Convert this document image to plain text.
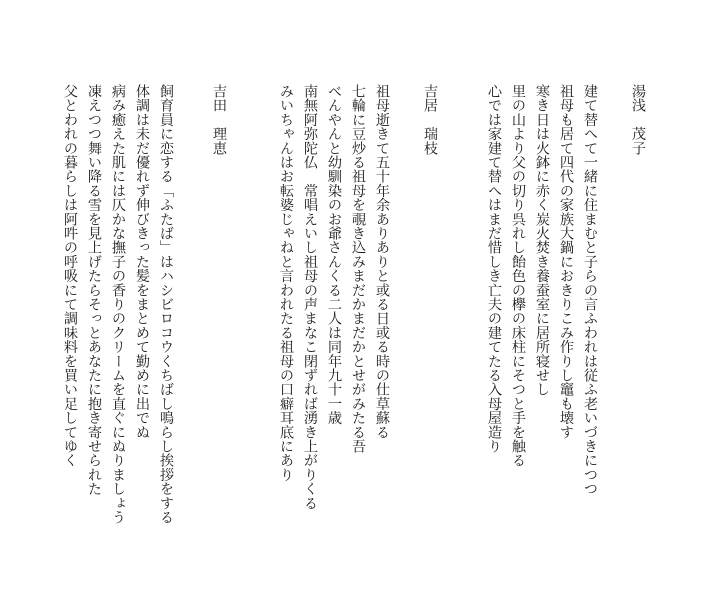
湯浅　茂子
建て替へて一緒に住まむと子らの言ふわれは従ふ老いづきにつつ
祖母も居て四代の家族大鍋におきりこみ作りし竈も壊す
寒き日は火鉢に赤く炭火焚き養蚕室に居所寝せし
里の山より父の切り呉れし飴色の欅の床柱にそつと手を触る
心では家建て替へはまだ惜しき亡夫の建てたる入母屋造り
吉居　瑞枝
祖母逝きて五十年余ありありと或る日或る時の仕草蘇る
七輪に豆炒る祖母を覗き込みまだかまだかとせがみたる吾
べんやんと幼馴染のお爺さんくる二人は同年九十一歳
南無阿弥陀仏　常唱えいし祖母の声まなこ閉ずれば湧き上がりくる
みいちゃんはお転婆じゃねと言われたる祖母の口癖耳底にあり
吉田　理恵
飼育員に恋する「ふたば」はハシビロコウくちばし鳴らし挨拶をする
体調は未だ優れず伸びきった髪をまとめて勤めに出でぬ
病み癒えた肌には仄かな撫子の香りのクリームを直ぐにぬりましょう
凍えつつ舞い降る雪を見上げたらそっとあなたに抱き寄せられた
父とわれの暮らしは阿吽の呼吸にて調味料を買い足してゆく
